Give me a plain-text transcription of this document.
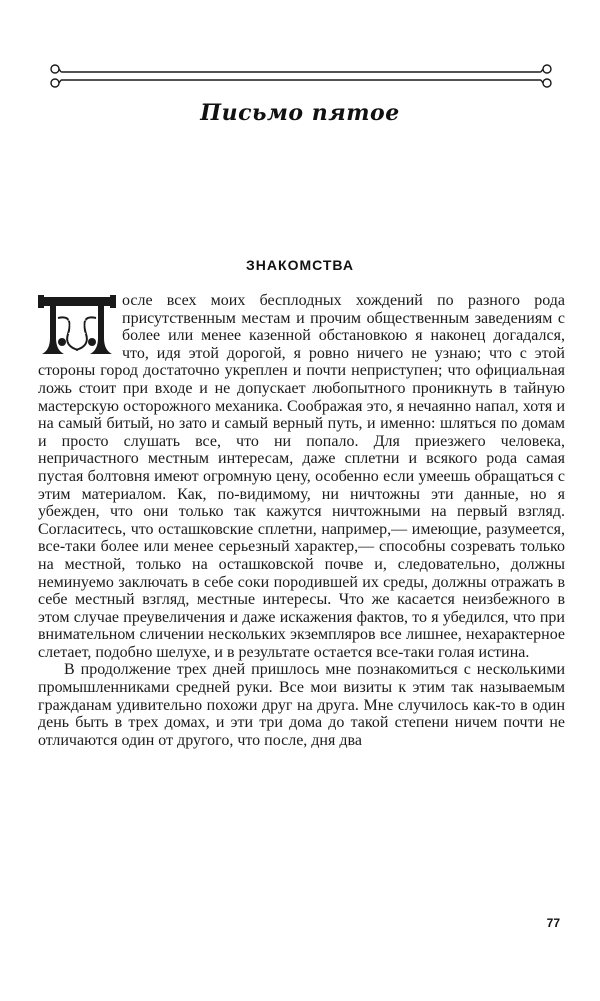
Письмо пятое
ЗНАКОМСТВА
П

осле всех моих бесплодных хождений по разного рода присутственным местам и прочим общественным заведениям с более или менее казенной обстановкою я наконец догадался, что, идя этой дорогой, я ровно ничего не узнаю; что с этой стороны город достаточно укреплен и почти неприступен; что официальная ложь стоит при входе и не допускает любопытного проникнуть в тайную мастерскую осторожного механика. Соображая это, я нечаянно напал, хотя и на самый битый, но зато и самый верный путь, и именно: шляться по домам и просто слушать все, что ни попало. Для приезжего человека, непричастного местным интересам, даже сплетни и всякого рода самая пустая болтовня имеют огромную цену, особенно если умеешь обращаться с этим материалом. Как, по-видимому, ни ничтожны эти данные, но я убежден, что они только так кажутся ничтожными на первый взгляд. Согласитесь, что осташковские сплетни, например,— имеющие, разумеется, все-таки более или менее серьезный характер,— способны созревать только на местной, только на осташковской почве и, следовательно, должны неминуемо заключать в себе соки породившей их среды, должны отражать в себе местный взгляд, местные интересы. Что же касается неизбежного в этом случае преувеличения и даже искажения фактов, то я убедился, что при внимательном сличении нескольких экземпляров все лишнее, нехарактерное слетает, подобно шелухе, и в результате остается все-таки голая истина.

В продолжение трех дней пришлось мне познакомиться с несколькими промышленниками средней руки. Все мои визиты к этим так называемым гражданам удивительно похожи друг на друга. Мне случилось как-то в один день быть в трех домах, и эти три дома до такой степени ничем почти не отличаются один от другого, что после, дня два

77
